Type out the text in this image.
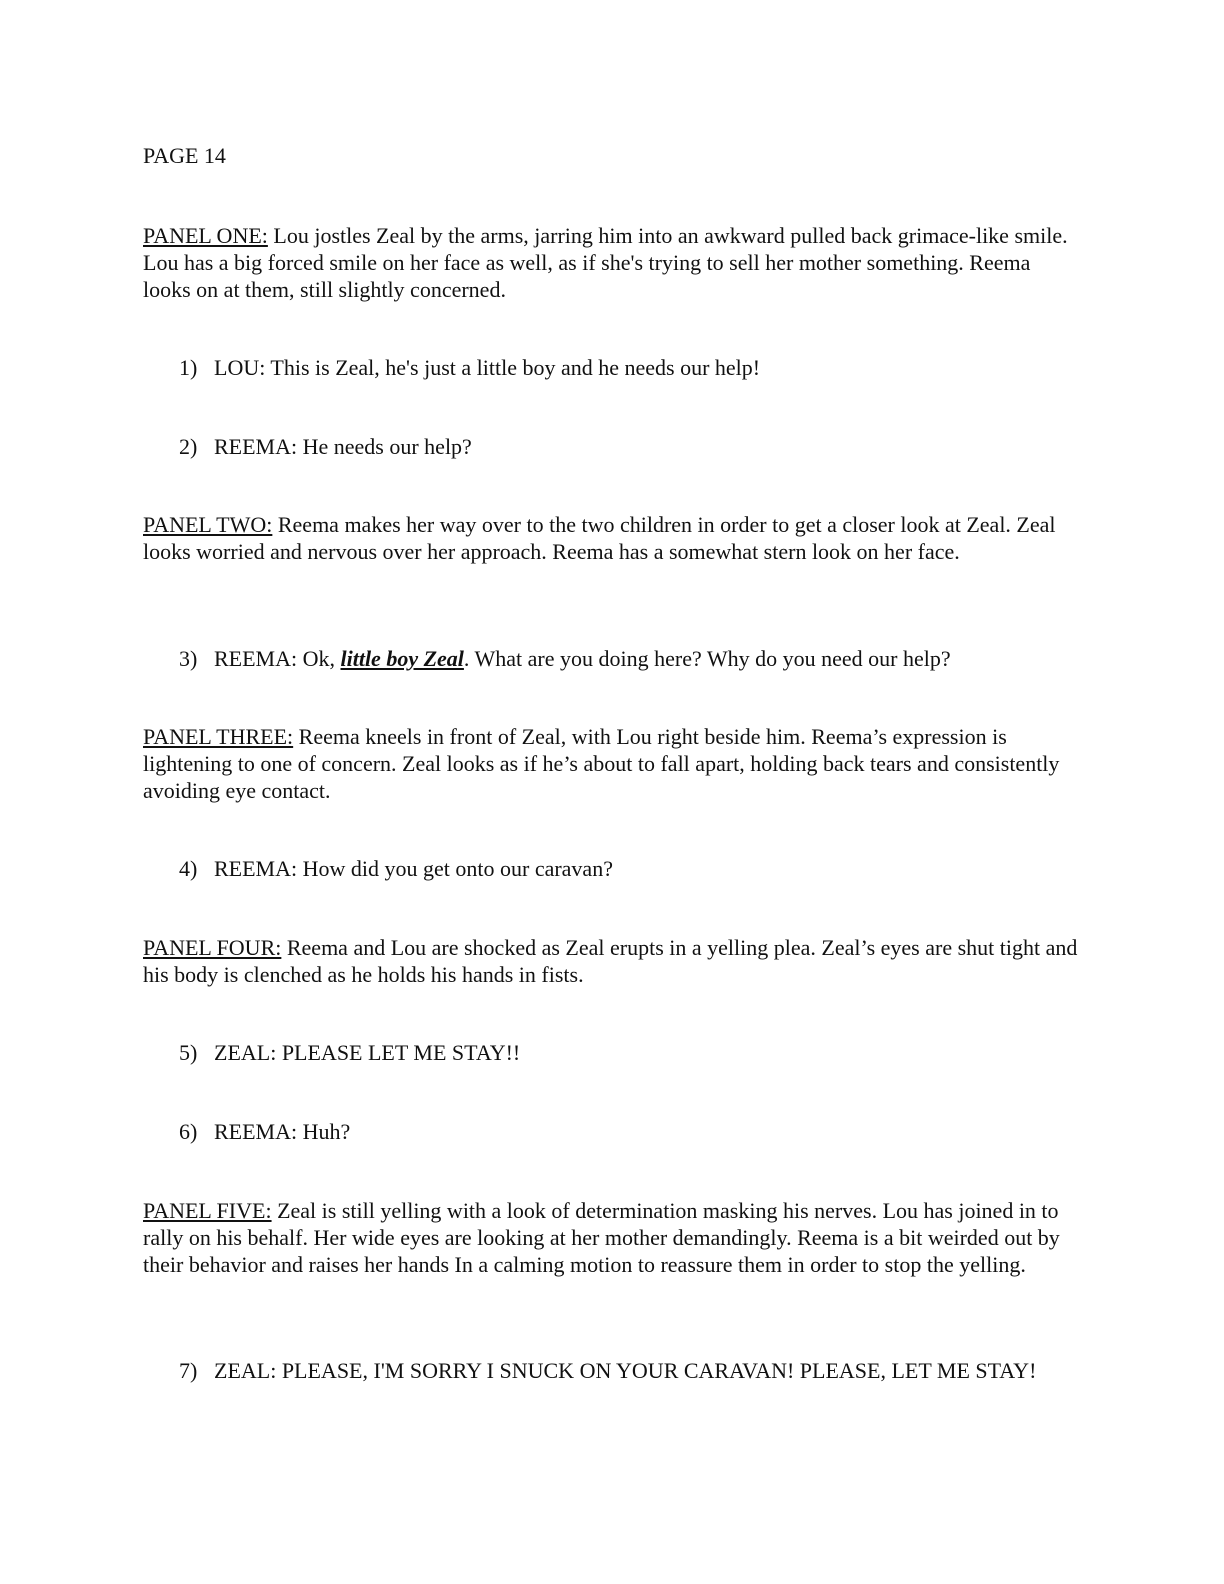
PAGE 14

PANEL ONE: Lou jostles Zeal by the arms, jarring him into an awkward pulled back grimace-like smile. Lou has a big forced smile on her face as well, as if she's trying to sell her mother something. Reema looks on at them, still slightly concerned.

1) LOU: This is Zeal, he's just a little boy and he needs our help!

2) REEMA: He needs our help?

PANEL TWO: Reema makes her way over to the two children in order to get a closer look at Zeal. Zeal looks worried and nervous over her approach. Reema has a somewhat stern look on her face.

3) REEMA: Ok, little boy Zeal. What are you doing here? Why do you need our help?

PANEL THREE: Reema kneels in front of Zeal, with Lou right beside him. Reema’s expression is lightening to one of concern. Zeal looks as if he’s about to fall apart, holding back tears and consistently avoiding eye contact.

4) REEMA: How did you get onto our caravan?

PANEL FOUR: Reema and Lou are shocked as Zeal erupts in a yelling plea. Zeal’s eyes are shut tight and his body is clenched as he holds his hands in fists.

5) ZEAL: PLEASE LET ME STAY!!

6) REEMA: Huh?

PANEL FIVE: Zeal is still yelling with a look of determination masking his nerves. Lou has joined in to rally on his behalf. Her wide eyes are looking at her mother demandingly. Reema is a bit weirded out by their behavior and raises her hands In a calming motion to reassure them in order to stop the yelling.

7) ZEAL: PLEASE, I'M SORRY I SNUCK ON YOUR CARAVAN! PLEASE, LET ME STAY!
